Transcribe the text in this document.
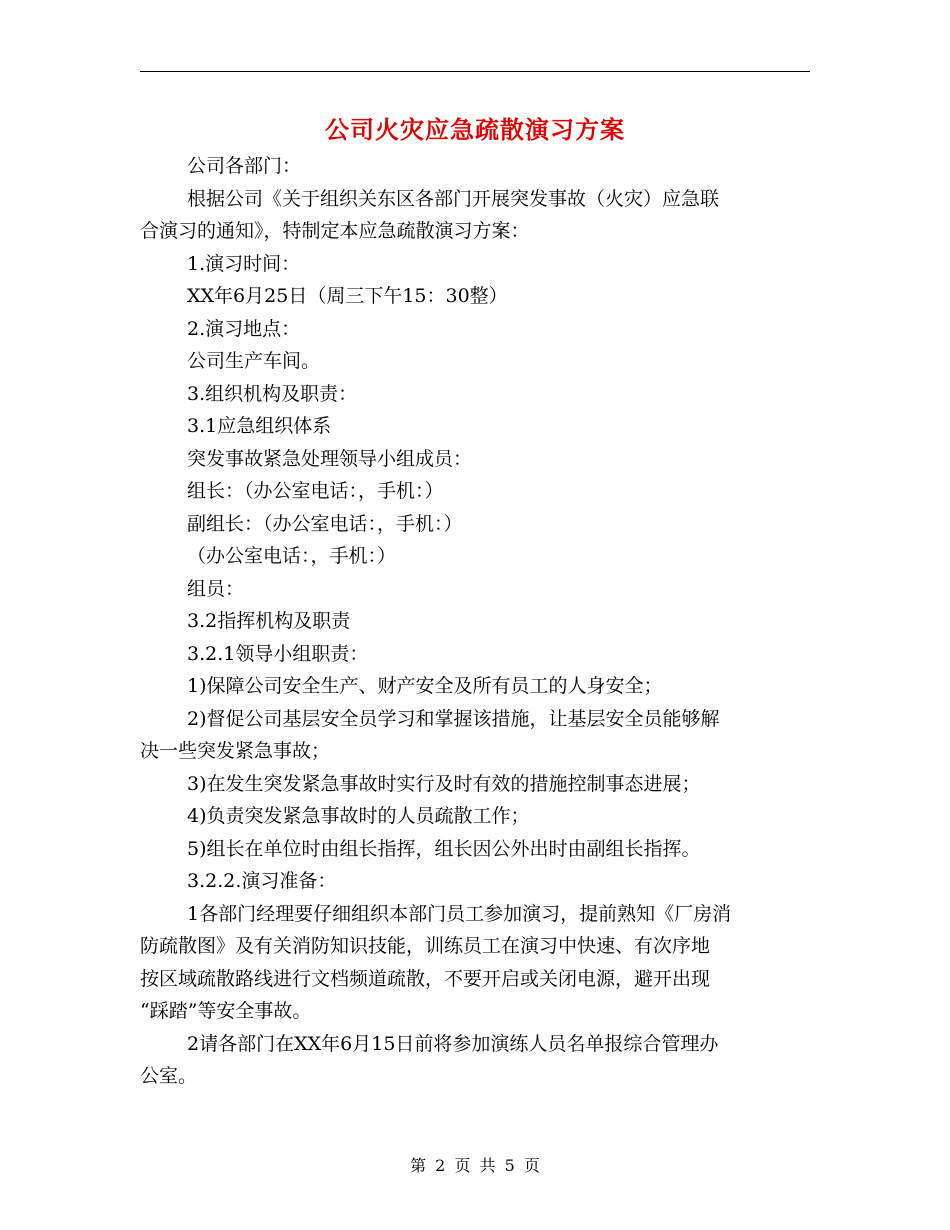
公司火灾应急疏散演习方案
公司各部门：
根据公司《关于组织关东区各部门开展突发事故（火灾）应急联
合演习的通知》，特制定本应急疏散演习方案：
1.演习时间：
XX年6月25日（周三下午15：30整）
2.演习地点：
公司生产车间。
3.组织机构及职责：
3.1应急组织体系
突发事故紧急处理领导小组成员：
组长：（办公室电话：，手机：）
副组长：（办公室电话：，手机：）
（办公室电话：，手机：）
组员：
3.2指挥机构及职责
3.2.1领导小组职责：
1)保障公司安全生产、财产安全及所有员工的人身安全；
2)督促公司基层安全员学习和掌握该措施，让基层安全员能够解
决一些突发紧急事故；
3)在发生突发紧急事故时实行及时有效的措施控制事态进展；
4)负责突发紧急事故时的人员疏散工作；
5)组长在单位时由组长指挥，组长因公外出时由副组长指挥。
3.2.2.演习准备：
1各部门经理要仔细组织本部门员工参加演习，提前熟知《厂房消
防疏散图》及有关消防知识技能，训练员工在演习中快速、有次序地
按区域疏散路线进行文档频道疏散，不要开启或关闭电源，避开出现
“踩踏”等安全事故。
2请各部门在XX年6月15日前将参加演练人员名单报综合管理办
公室。
第 2 页 共 5 页
